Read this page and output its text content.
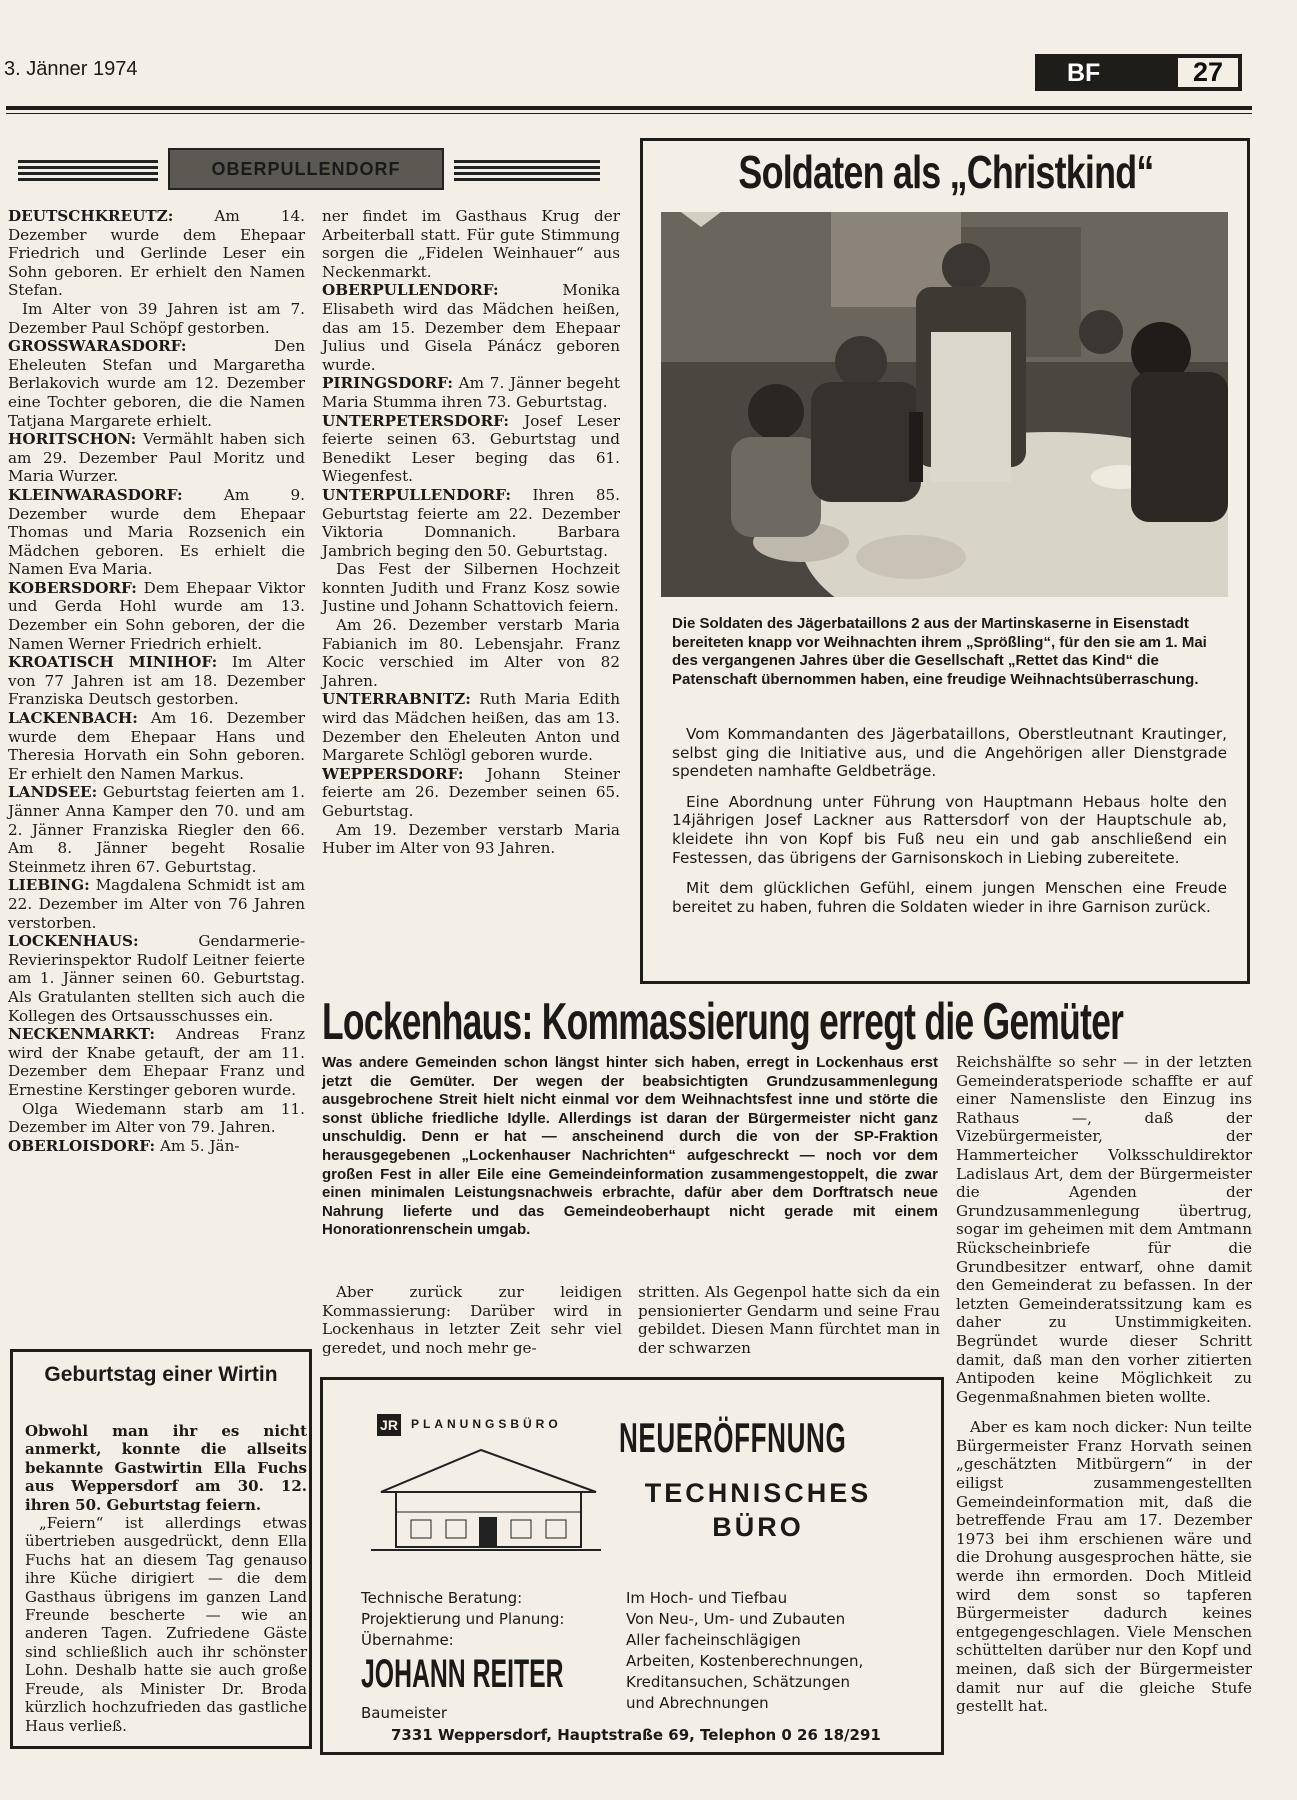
3. Jänner 1974	BF	27
OBERPULLENDORF

DEUTSCHKREUTZ: Am 14. Dezember wurde dem Ehepaar Friedrich und Gerlinde Leser ein Sohn geboren. Er erhielt den Namen Stefan.

Im Alter von 39 Jahren ist am 7. Dezember Paul Schöpf gestorben.

GROSSWARASDORF: Den Eheleuten Stefan und Margaretha Berlakovich wurde am 12. Dezember eine Tochter geboren, die die Namen Tatjana Margarete erhielt.

HORITSCHON: Vermählt haben sich am 29. Dezember Paul Moritz und Maria Wurzer.

KLEINWARASDORF: Am 9. Dezember wurde dem Ehepaar Thomas und Maria Rozsenich ein Mädchen geboren. Es erhielt die Namen Eva Maria.

KOBERSDORF: Dem Ehepaar Viktor und Gerda Hohl wurde am 13. Dezember ein Sohn geboren, der die Namen Werner Friedrich erhielt.

KROATISCH MINIHOF: Im Alter von 77 Jahren ist am 18. Dezember Franziska Deutsch gestorben.

LACKENBACH: Am 16. Dezember wurde dem Ehepaar Hans und Theresia Horvath ein Sohn geboren. Er erhielt den Namen Markus.

LANDSEE: Geburtstag feierten am 1. Jänner Anna Kamper den 70. und am 2. Jänner Franziska Riegler den 66. Am 8. Jänner begeht Rosalie Steinmetz ihren 67. Geburtstag.

LIEBING: Magdalena Schmidt ist am 22. Dezember im Alter von 76 Jahren verstorben.

LOCKENHAUS: Gendarmerie-Revierinspektor Rudolf Leitner feierte am 1. Jänner seinen 60. Geburtstag. Als Gratulanten stellten sich auch die Kollegen des Ortsausschusses ein.

NECKENMARKT: Andreas Franz wird der Knabe getauft, der am 11. Dezember dem Ehepaar Franz und Ernestine Kerstinger geboren wurde.

Olga Wiedemann starb am 11. Dezember im Alter von 79. Jahren.

OBERLOISDORF: Am 5. Jän-

ner findet im Gasthaus Krug der Arbeiterball statt. Für gute Stimmung sorgen die „Fidelen Weinhauer“ aus Neckenmarkt.

OBERPULLENDORF: Monika Elisabeth wird das Mädchen heißen, das am 15. Dezember dem Ehepaar Julius und Gisela Pánácz geboren wurde.

PIRINGSDORF: Am 7. Jänner begeht Maria Stumma ihren 73. Geburtstag.

UNTERPETERSDORF: Josef Leser feierte seinen 63. Geburtstag und Benedikt Leser beging das 61. Wiegenfest.

UNTERPULLENDORF: Ihren 85. Geburtstag feierte am 22. Dezember Viktoria Domnanich. Barbara Jambrich beging den 50. Geburtstag.

Das Fest der Silbernen Hochzeit konnten Judith und Franz Kosz sowie Justine und Johann Schattovich feiern.

Am 26. Dezember verstarb Maria Fabianich im 80. Lebensjahr. Franz Kocic verschied im Alter von 82 Jahren.

UNTERRABNITZ: Ruth Maria Edith wird das Mädchen heißen, das am 13. Dezember den Eheleuten Anton und Margarete Schlögl geboren wurde.

WEPPERSDORF: Johann Steiner feierte am 26. Dezember seinen 65. Geburtstag.

Am 19. Dezember verstarb Maria Huber im Alter von 93 Jahren.

Soldaten als „Christkind“
Die Soldaten des Jägerbataillons 2 aus der Martinskaserne in Eisenstadt bereiteten knapp vor Weihnachten ihrem „Sprößling“, für den sie am 1. Mai des vergangenen Jahres über die Gesellschaft „Rettet das Kind“ die Patenschaft übernommen haben, eine freudige Weihnachtsüberraschung.

Vom Kommandanten des Jägerbataillons, Oberstleutnant Krautinger, selbst ging die Initiative aus, und die Angehörigen aller Dienstgrade spendeten namhafte Geldbeträge.

Eine Abordnung unter Führung von Hauptmann Hebaus holte den 14jährigen Josef Lackner aus Rattersdorf von der Hauptschule ab, kleidete ihn von Kopf bis Fuß neu ein und gab anschließend ein Festessen, das übrigens der Garnisonskoch in Liebing zubereitete.

Mit dem glücklichen Gefühl, einem jungen Menschen eine Freude bereitet zu haben, fuhren die Soldaten wieder in ihre Garnison zurück.

Lockenhaus: Kommassierung erregt die Gemüter
Was andere Gemeinden schon längst hinter sich haben, erregt in Lockenhaus erst jetzt die Gemüter. Der wegen der beabsichtigten Grundzusammenlegung ausgebrochene Streit hielt nicht einmal vor dem Weihnachtsfest inne und störte die sonst übliche friedliche Idylle. Allerdings ist daran der Bürgermeister nicht ganz unschuldig. Denn er hat — anscheinend durch die von der SP-Fraktion herausgegebenen „Lockenhauser Nachrichten“ aufgeschreckt — noch vor dem großen Fest in aller Eile eine Gemeindeinformation zusammengestoppelt, die zwar einen minimalen Leistungsnachweis erbrachte, dafür aber dem Dorftratsch neue Nahrung lieferte und das Gemeindeoberhaupt nicht gerade mit einem Honorationrenschein umgab.

Aber zurück zur leidigen Kommassierung: Darüber wird in Lockenhaus in letzter Zeit sehr viel geredet, und noch mehr ge-

stritten. Als Gegenpol hatte sich da ein pensionierter Gendarm und seine Frau gebildet. Diesen Mann fürchtet man in der schwarzen

Reichshälfte so sehr — in der letzten Gemeinderatsperiode schaffte er auf einer Namensliste den Einzug ins Rathaus —, daß der Vizebürgermeister, der Hammerteicher Volksschuldirektor Ladislaus Art, dem der Bürgermeister die Agenden der Grundzusammenlegung übertrug, sogar im geheimen mit dem Amtmann Rückscheinbriefe für die Grundbesitzer entwarf, ohne damit den Gemeinderat zu befassen. In der letzten Gemeinderatssitzung kam es daher zu Unstimmigkeiten. Begründet wurde dieser Schritt damit, daß man den vorher zitierten Antipoden keine Möglichkeit zu Gegenmaßnahmen bieten wollte.

Aber es kam noch dicker: Nun teilte Bürgermeister Franz Horvath seinen „geschätzten Mitbürgern“ in der eiligst zusammengestellten Gemeindeinformation mit, daß die betreffende Frau am 17. Dezember 1973 bei ihm erschienen wäre und die Drohung ausgesprochen hätte, sie werde ihn ermorden. Doch Mitleid wird dem sonst so tapferen Bürgermeister dadurch keines entgegengeschlagen. Viele Menschen schüttelten darüber nur den Kopf und meinen, daß sich der Bürgermeister damit nur auf die gleiche Stufe gestellt hat.

Geburtstag einer Wirtin
Obwohl man ihr es nicht anmerkt, konnte die allseits bekannte Gastwirtin Ella Fuchs aus Weppersdorf am 30. 12. ihren 50. Geburtstag feiern.
„Feiern“ ist allerdings etwas übertrieben ausgedrückt, denn Ella Fuchs hat an diesem Tag genauso ihre Küche dirigiert — die dem Gasthaus übrigens im ganzen Land Freunde bescherte — wie an anderen Tagen. Zufriedene Gäste sind schließlich auch ihr schönster Lohn. Deshalb hatte sie auch große Freude, als Minister Dr. Broda kürzlich hochzufrieden das gastliche Haus verließ.
JR PLANUNGSBÜRO NEUERÖFFNUNG
TECHNISCHES
BÜRO
Technische Beratung:
Projektierung und Planung:
Übernahme:
Im Hoch- und Tiefbau
Von Neu-, Um- und Zubauten
Aller facheinschlägigen
Arbeiten, Kostenberechnungen,
Kreditansuchen, Schätzungen
und Abrechnungen
JOHANN REITER
Baumeister
7331 Weppersdorf, Hauptstraße 69, Telephon 0 26 18/291
